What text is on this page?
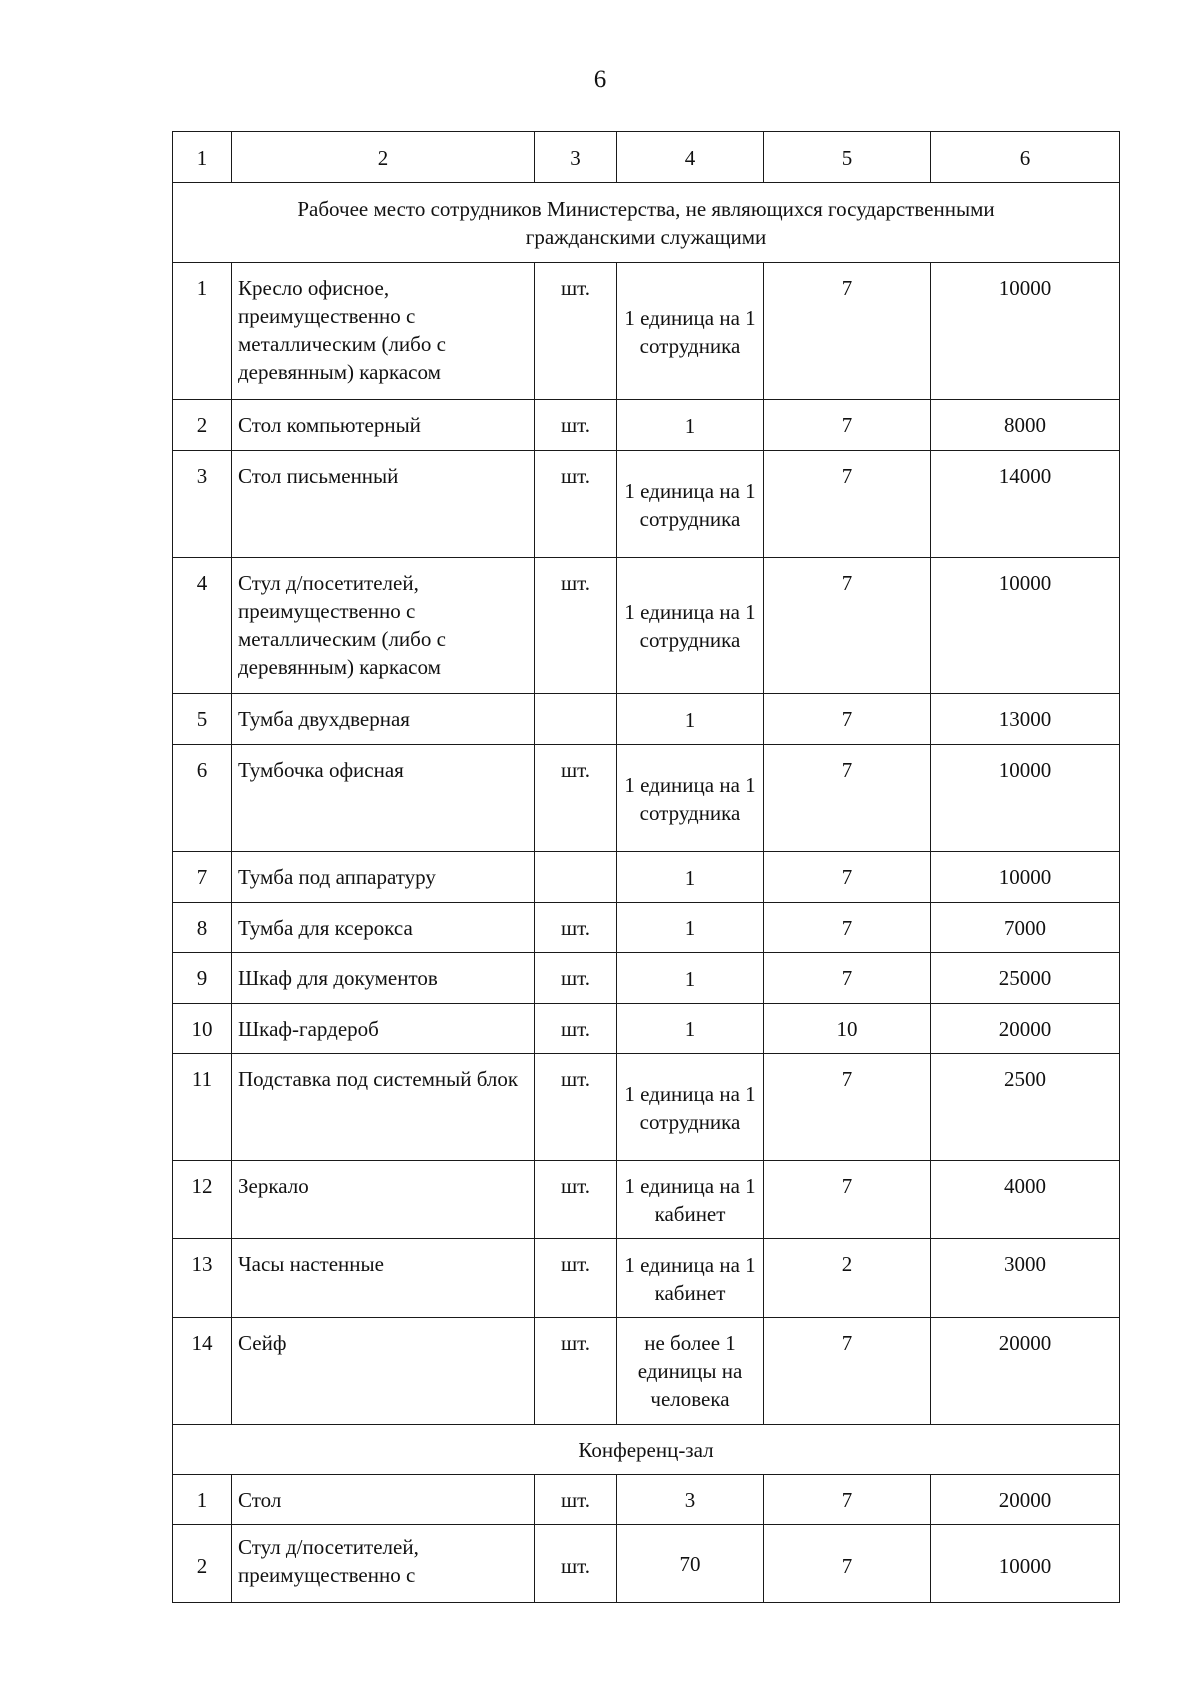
6
1	2	3	4	5	6
Рабочее место сотрудников Министерства, не являющихся государственными гражданскими служащими					
1	Кресло офисное, преимущественно с металлическим (либо с деревянным) каркасом	шт.	1 единица на 1 сотрудника	7	10000
2	Стол компьютерный	шт.	1	7	8000
3	Стол письменный	шт.	1 единица на 1 сотрудника	7	14000
4	Стул д/посетителей, преимущественно с металлическим (либо с деревянным) каркасом	шт.	1 единица на 1 сотрудника	7	10000
5	Тумба двухдверная		1	7	13000
6	Тумбочка офисная	шт.	1 единица на 1 сотрудника	7	10000
7	Тумба под аппаратуру		1	7	10000
8	Тумба для ксерокса	шт.	1	7	7000
9	Шкаф для документов	шт.	1	7	25000
10	Шкаф-гардероб	шт.	1	10	20000
11	Подставка под системный блок	шт.	1 единица на 1 сотрудника	7	2500
12	Зеркало	шт.	1 единица на 1 кабинет	7	4000
13	Часы настенные	шт.	1 единица на 1 кабинет	2	3000
14	Сейф	шт.	не более 1 единицы на человека	7	20000
Конференц-зал					
1	Стол	шт.	3	7	20000
2	Стул д/посетителей, преимущественно с	шт.	70	7	10000
